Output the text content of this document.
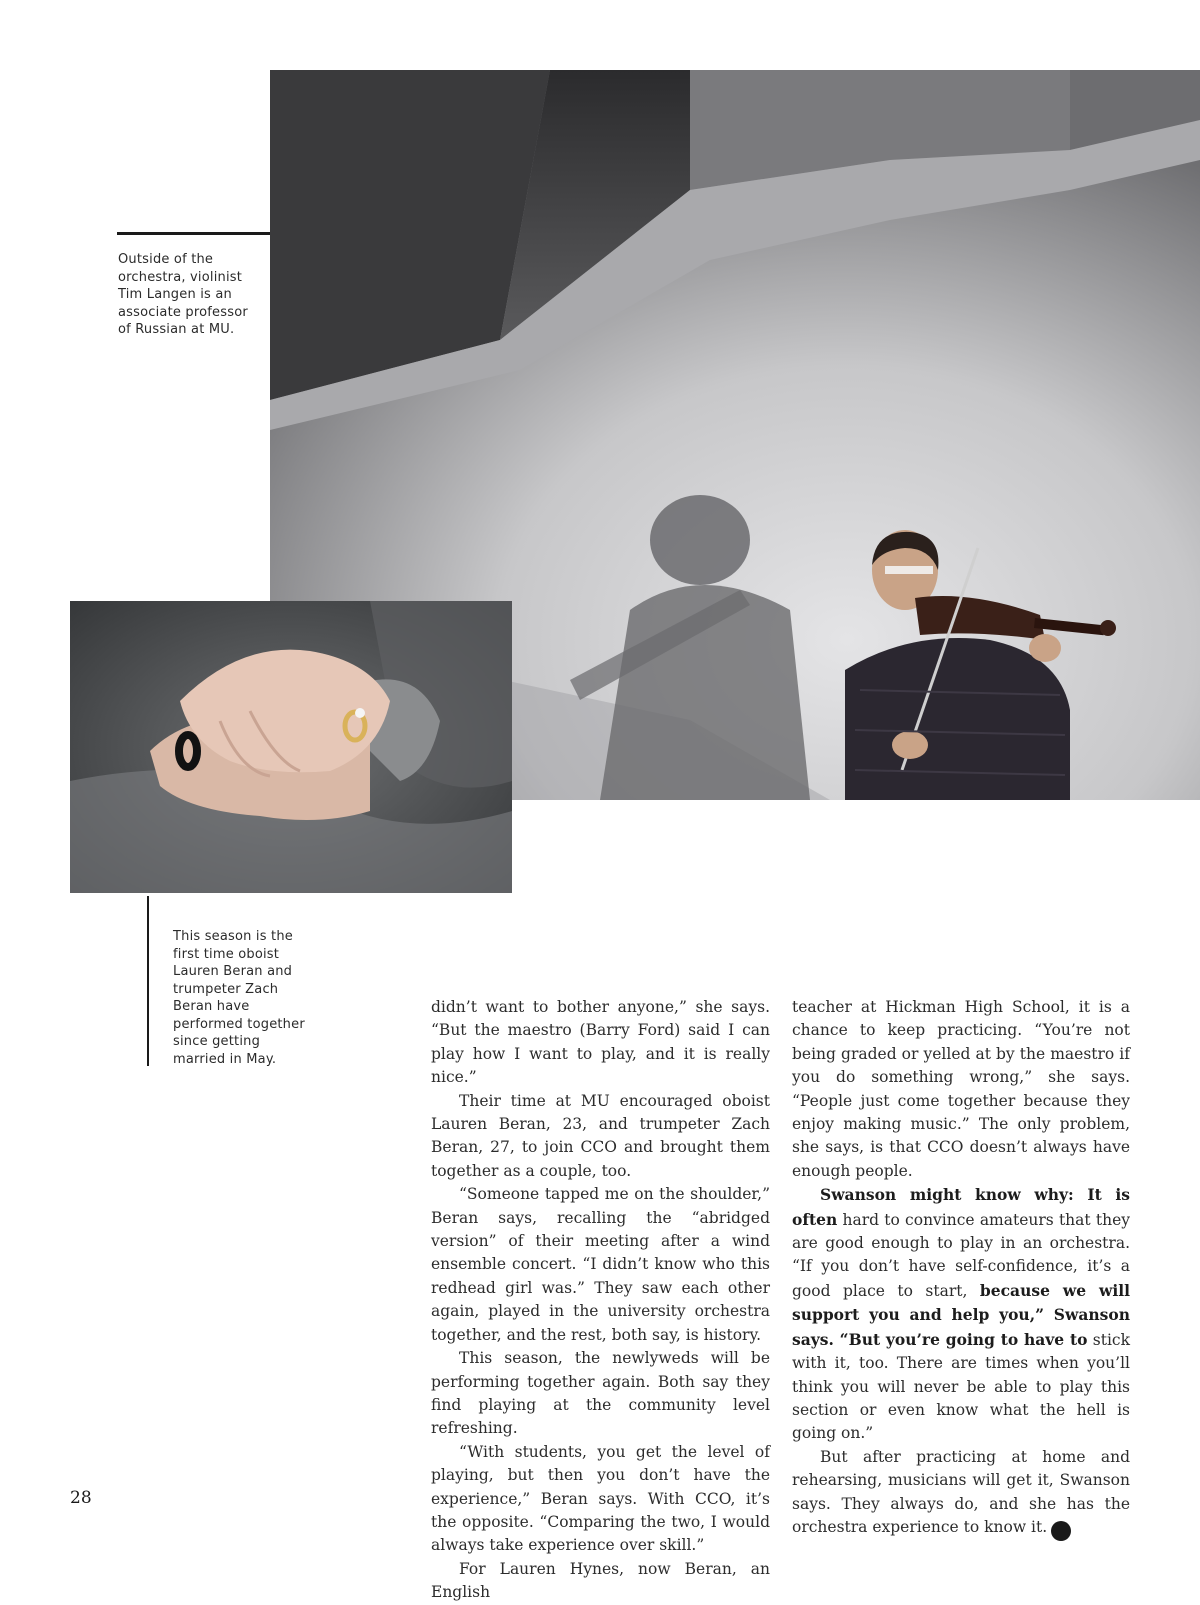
Outside of the orchestra, violinist Tim Langen is an associate professor of Russian at MU.
This season is the first time oboist Lauren Beran and trumpeter Zach Beran have performed together since getting married in May.

didn’t want to bother anyone,” she says. “But the maestro (Barry Ford) said I can play how I want to play, and it is really nice.”

Their time at MU encouraged oboist Lauren Beran, 23, and trumpeter Zach Beran, 27, to join CCO and brought them together as a couple, too.

“Someone tapped me on the shoulder,” Beran says, recalling the “abridged version” of their meeting after a wind ensemble concert. “I didn’t know who this redhead girl was.” They saw each other again, played in the university orchestra together, and the rest, both say, is history.

This season, the newlyweds will be performing together again. Both say they find playing at the community level refreshing.

“With students, you get the level of playing, but then you don’t have the experience,” Beran says. With CCO, it’s the opposite. “Comparing the two, I would always take experience over skill.”

For Lauren Hynes, now Beran, an English

teacher at Hickman High School, it is a chance to keep practicing. “You’re not being graded or yelled at by the maestro if you do something wrong,” she says. “People just come together because they enjoy making music.” The only problem, she says, is that CCO doesn’t always have enough people.

Swanson might know why: It is often hard to convince amateurs that they are good enough to play in an orchestra. “If you don’t have self-confidence, it’s a good place to start, because we will support you and help you,” Swanson says. “But you’re going to have to stick with it, too. There are times when you’ll think you will never be able to play this section or even know what the hell is going on.”

But after practicing at home and rehearsing, musicians will get it, Swanson says. They always do, and she has the orchestra experience to know it.	V

28
